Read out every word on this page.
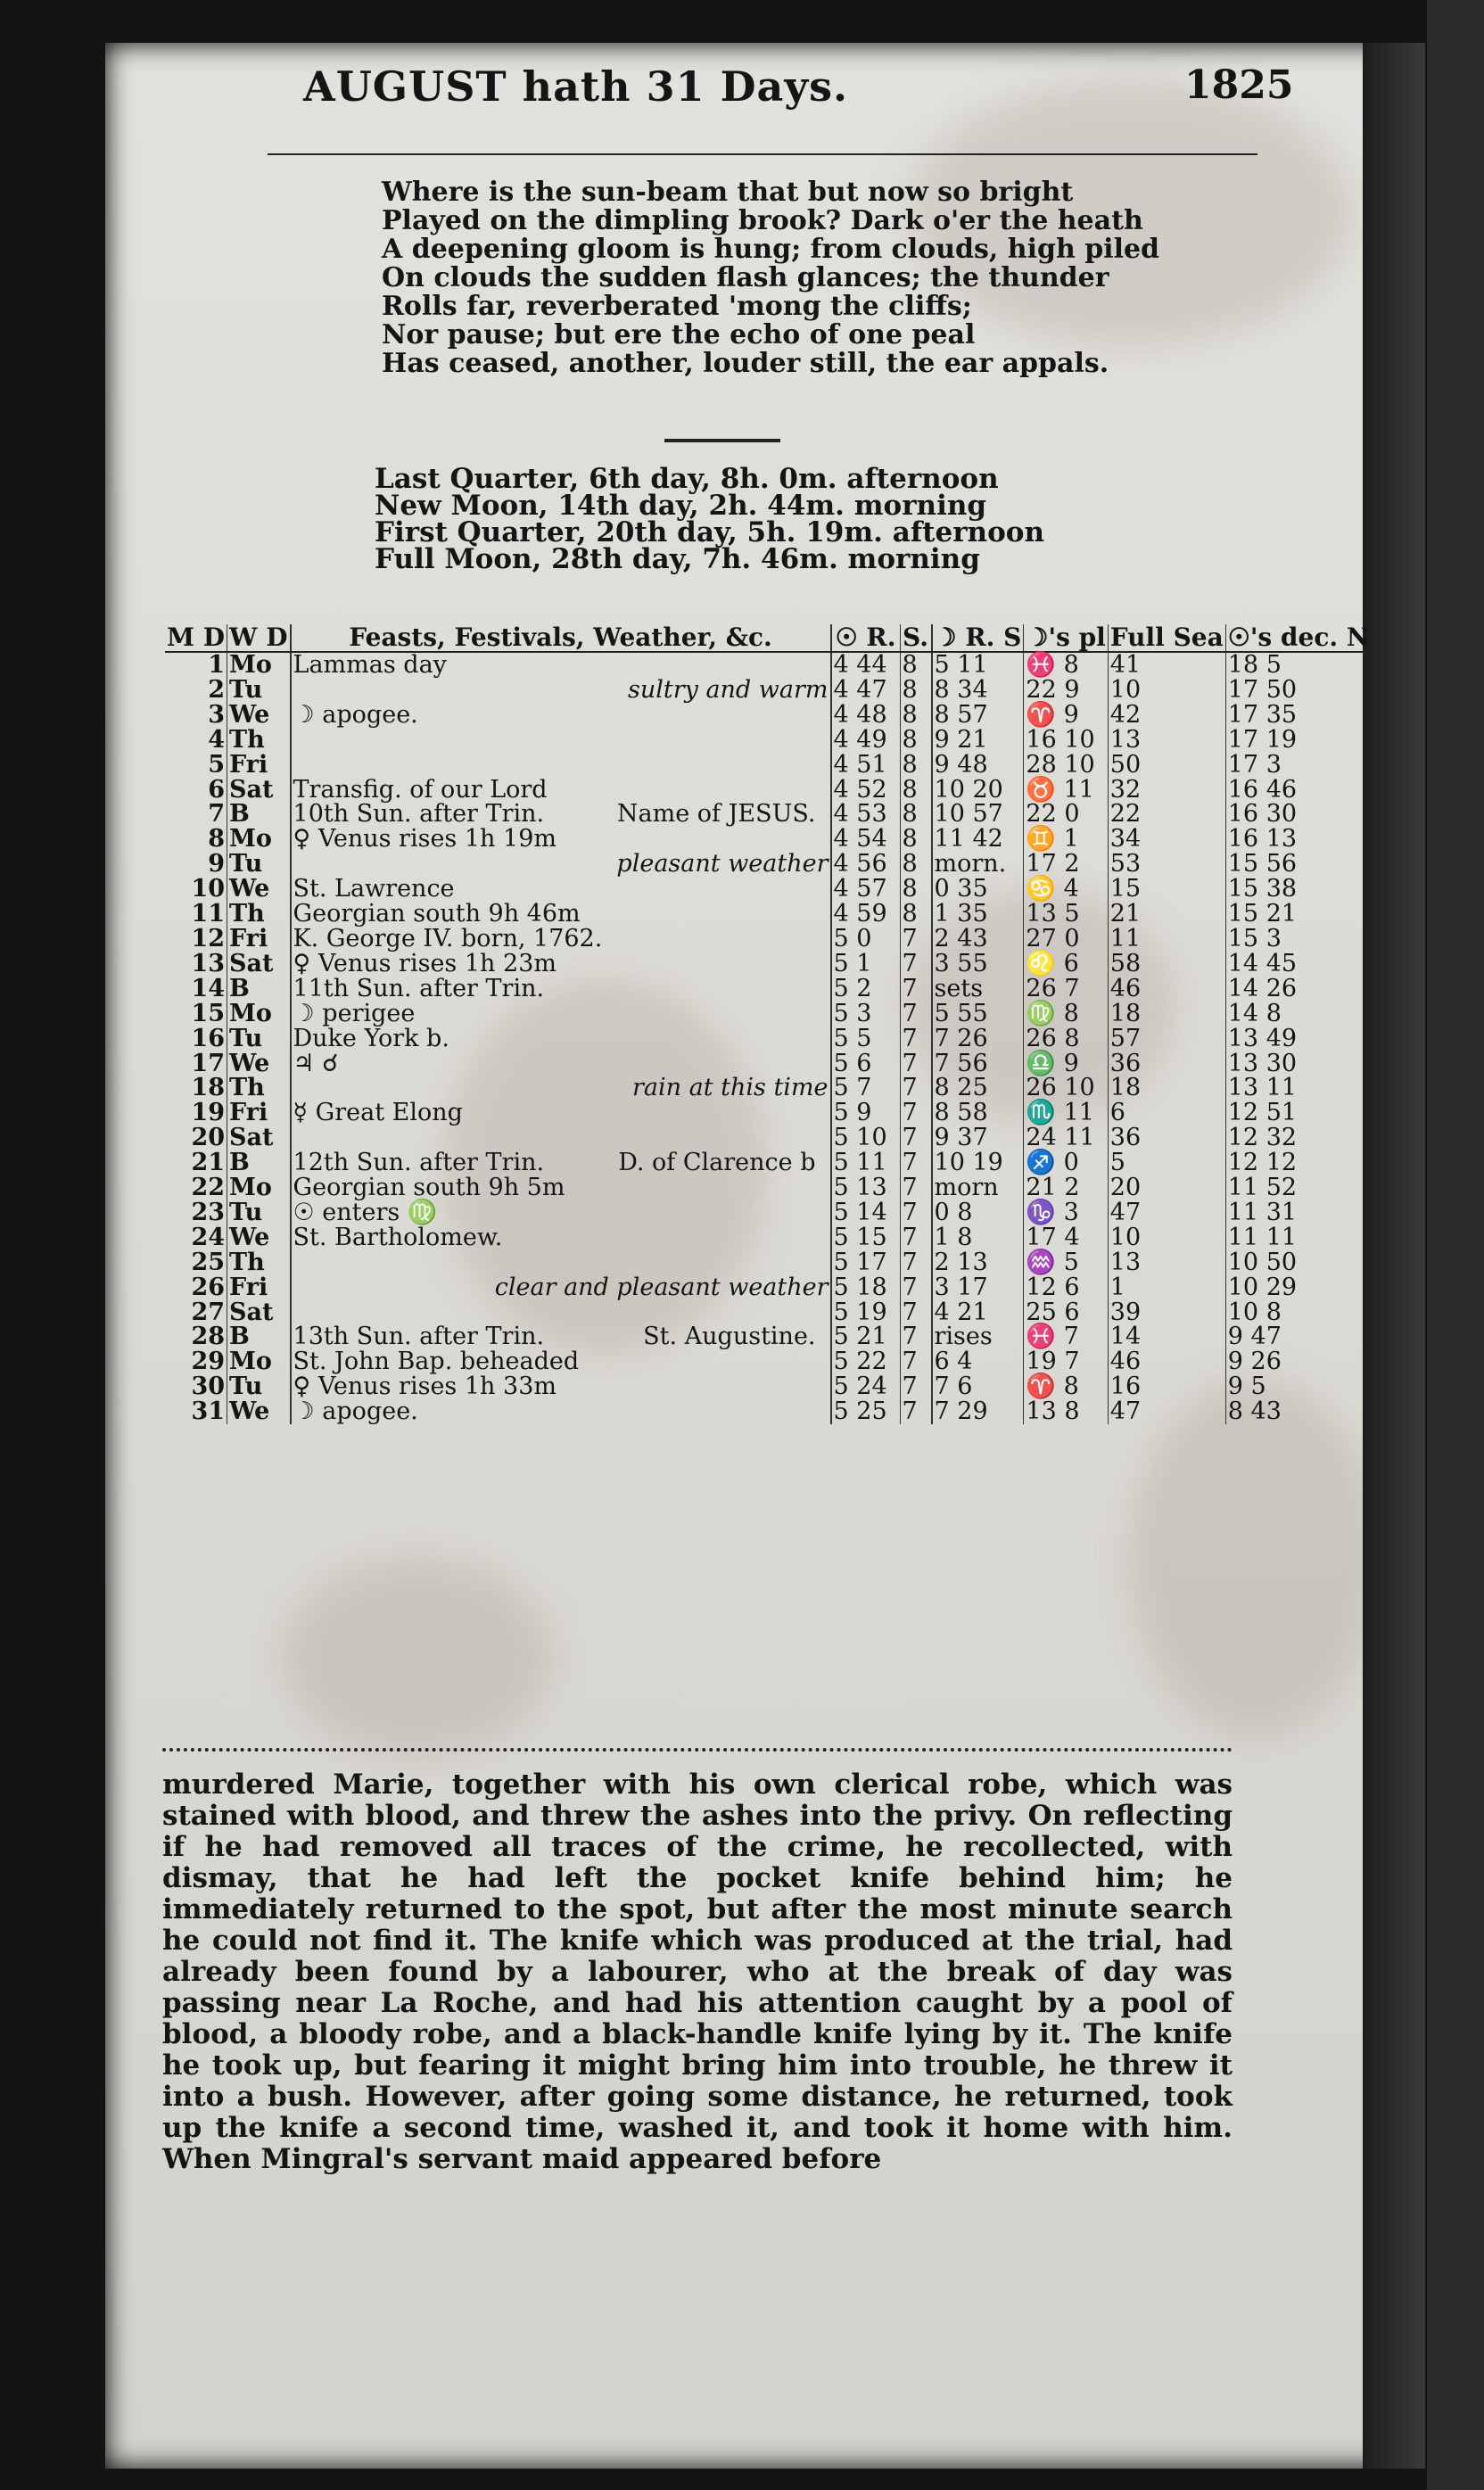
AUGUST hath 31 Days.	1825
Where is the sun-beam that but now so bright
Played on the dimpling brook? Dark o'er the heath
A deepening gloom is hung; from clouds, high piled
On clouds the sudden flash glances; the thunder
Rolls far, reverberated 'mong the cliffs;
Nor pause; but ere the echo of one peal
Has ceased, another, louder still, the ear appals.
Last Quarter, 6th day, 8h. 0m. afternoon
New Moon, 14th day, 2h. 44m. morning
First Quarter, 20th day, 5h. 19m. afternoon
Full Moon, 28th day, 7h. 46m. morning
M D	W D	Feasts, Festivals, Weather, &c.	☉ R.	S.	☽ R. S	☽'s pl	Full Sea	☉'s dec. N
1	Mo	Lammas day	4 44	8	5 11	♓ 8	41	18 5
2	Tu	sultry and warm	4 47	8	8 34	22 9	10	17 50
3	We	☽ apogee.	4 48	8	8 57	♈ 9	42	17 35
4	Th		4 49	8	9 21	16 10	13	17 19
5	Fri		4 51	8	9 48	28 10	50	17 3
6	Sat	Transfig. of our Lord	4 52	8	10 20	♉ 11	32	16 46
7	B	10th Sun. after Trin. Name of JESUS.	4 53	8	10 57	22 0	22	16 30
8	Mo	♀ Venus rises 1h 19m	4 54	8	11 42	♊ 1	34	16 13
9	Tu	pleasant weather	4 56	8	morn.	17 2	53	15 56
10	We	St. Lawrence	4 57	8	0 35	♋ 4	15	15 38
11	Th	Georgian south 9h 46m	4 59	8	1 35	13 5	21	15 21
12	Fri	K. George IV. born, 1762.	5 0	7	2 43	27 0	11	15 3
13	Sat	♀ Venus rises 1h 23m	5 1	7	3 55	♌ 6	58	14 45
14	B	11th Sun. after Trin.	5 2	7	sets	26 7	46	14 26
15	Mo	☽ perigee	5 3	7	5 55	♍ 8	18	14 8
16	Tu	Duke York b.	5 5	7	7 26	26 8	57	13 49
17	We	♃ ☌	5 6	7	7 56	♎ 9	36	13 30
18	Th	rain at this time	5 7	7	8 25	26 10	18	13 11
19	Fri	☿ Great Elong	5 9	7	8 58	♏ 11	6	12 51
20	Sat		5 10	7	9 37	24 11	36	12 32
21	B	12th Sun. after Trin. D. of Clarence b	5 11	7	10 19	♐ 0	5	12 12
22	Mo	Georgian south 9h 5m	5 13	7	morn	21 2	20	11 52
23	Tu	☉ enters ♍	5 14	7	0 8	♑ 3	47	11 31
24	We	St. Bartholomew.	5 15	7	1 8	17 4	10	11 11
25	Th		5 17	7	2 13	♒ 5	13	10 50
26	Fri	clear and pleasant weather	5 18	7	3 17	12 6	1	10 29
27	Sat		5 19	7	4 21	25 6	39	10 8
28	B	13th Sun. after Trin. St. Augustine.	5 21	7	rises	♓ 7	14	9 47
29	Mo	St. John Bap. beheaded	5 22	7	6 4	19 7	46	9 26
30	Tu	♀ Venus rises 1h 33m	5 24	7	7 6	♈ 8	16	9 5
31	We	☽ apogee.	5 25	7	7 29	13 8	47	8 43
murdered Marie, together with his own clerical robe, which was stained with blood, and threw the ashes into the privy. On reflecting if he had removed all traces of the crime, he recollected, with dismay, that he had left the pocket knife behind him; he immediately returned to the spot, but after the most minute search he could not find it. The knife which was produced at the trial, had already been found by a labourer, who at the break of day was passing near La Roche, and had his attention caught by a pool of blood, a bloody robe, and a black-handle knife lying by it. The knife he took up, but fearing it might bring him into trouble, he threw it into a bush. However, after going some distance, he returned, took up the knife a second time, washed it, and took it home with him. When Mingral's servant maid appeared before
